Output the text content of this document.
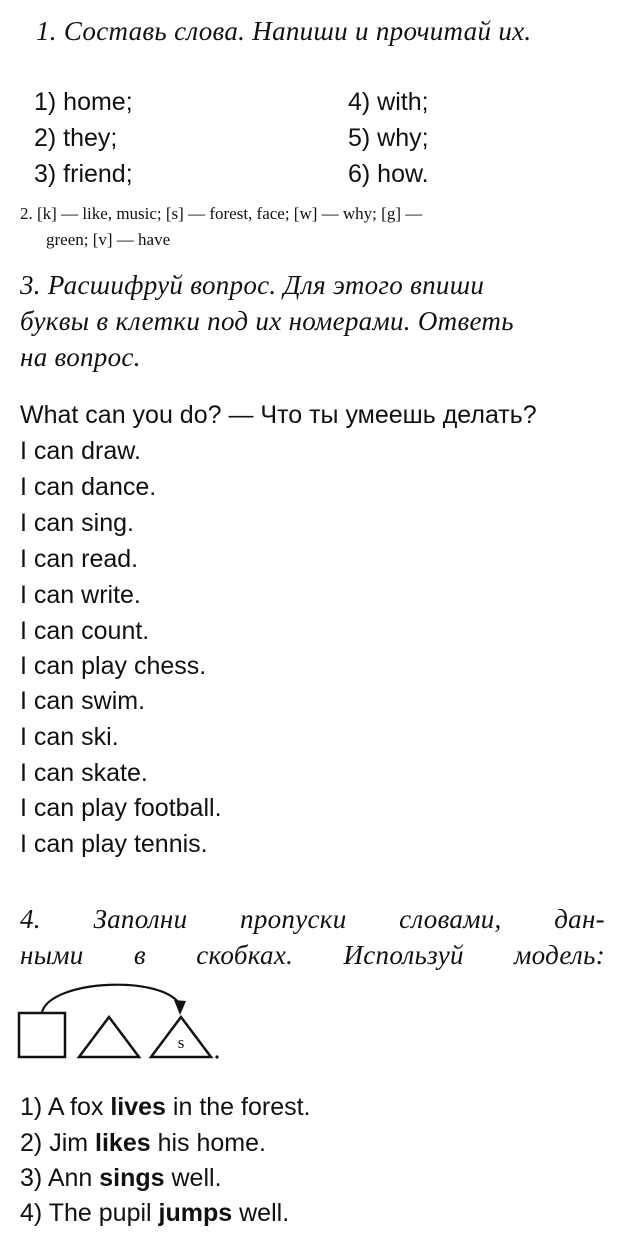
1. Составь слова. Напиши и прочитай их.
1) home;
2) they;
3) friend;
4) with;
5) why;
6) how.
2. [k] — like, music; [s] — forest, face; [w] — why; [g] —
green; [v] — have
3. Расшифруй вопрос. Для этого впиши
буквы в клетки под их номерами. Ответь
на вопрос.
What can you do? — Что ты умеешь делать?
I can draw.
I can dance.
I can sing.
I can read.
I can write.
I can count.
I can play chess.
I can swim.
I can ski.
I can skate.
I can play football.
I can play tennis.
4. Заполни пропуски словами, дан-
ными в скобках. Используй модель:
s
1) A fox lives in the forest.
2) Jim likes his home.
3) Ann sings well.
4) The pupil jumps well.
